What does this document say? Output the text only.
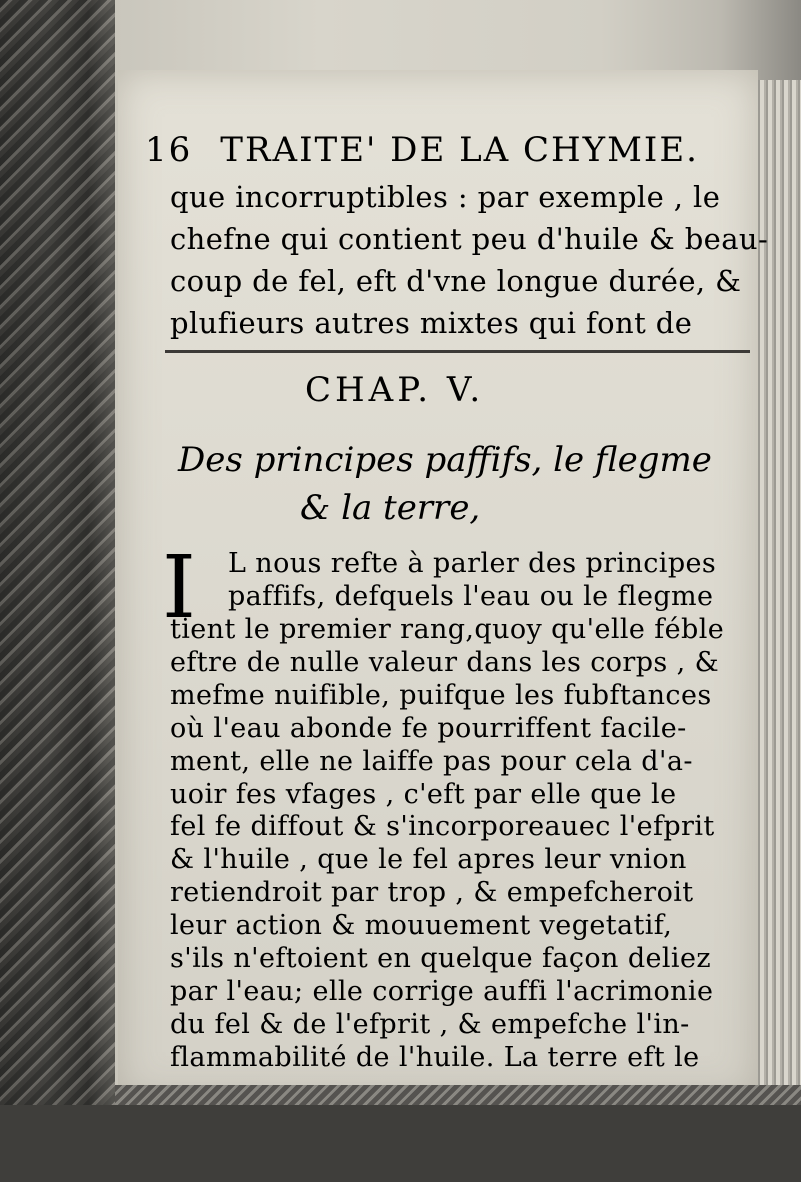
16 TRAITE' DE LA CHYMIE.
que incorruptibles : par exemple , le
chefne qui contient peu d'huile & beau-
coup de fel, eft d'vne longue durée, &
plufieurs autres mixtes qui font de
CHAP. V.
Des principes paffifs, le flegme
& la terre,
I L nous refte à parler des principes
paffifs, defquels l'eau ou le flegme
tient le premier rang,quoy qu'elle féble
eftre de nulle valeur dans les corps , &
mefme nuifible, puifque les fubftances
où l'eau abonde fe pourriffent facile-
ment, elle ne laiffe pas pour cela d'a-
uoir fes vfages , c'eft par elle que le
fel fe diffout & s'incorporeauec l'efprit
& l'huile , que le fel apres leur vnion
retiendroit par trop , & empefcheroit
leur action & mouuement vegetatif,
s'ils n'eftoient en quelque façon deliez
par l'eau; elle corrige auffi l'acrimonie
du fel & de l'efprit , & empefche l'in-
flammabilité de l'huile. La terre eft le
